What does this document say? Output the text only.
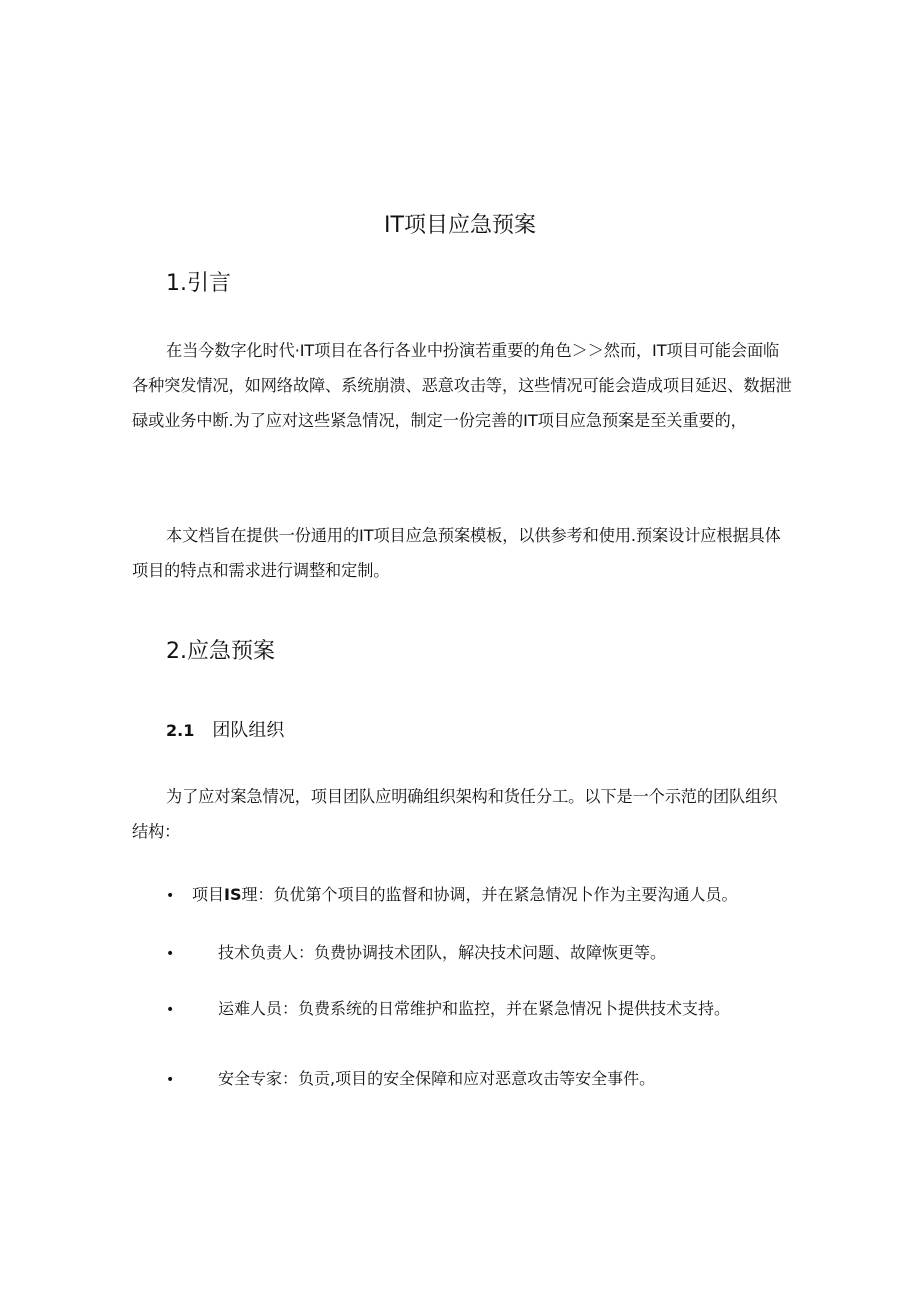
IT项目应急预案
1.引言

在当今数字化时代·IT项目在各行各业中扮演若重要的角色＞＞然而，IT项目可能会面临各种突发情况，如网络故障、系统崩溃、恶意攻击等，这些情况可能会造成项目延迟、数据泄碌或业务中断.为了应对这些紧急情况，制定一份完善的IT项目应急预案是至关重要的，

本文档旨在提供一份通用的IT项目应急预案模板，以供参考和使用.预案设计应根据具体项目的特点和需求进行调整和定制。

2.应急预案
2.1 团队组织

为了应对案急情况，项目团队应明确组织架构和货任分工。以下是一个示范的团队组织结构：

• 项目IS理：负优第个项目的监督和协调，并在紧急情况卜作为主要沟通人员。
•	技术负责人：负费协调技术团队，解决技术问题、故障恢更等。
•	运难人员：负费系统的日常维护和监控，并在紧急情况卜提供技术支持。
•	安全专家：负贡,项目的安全保障和应对恶意攻击等安全事件。
